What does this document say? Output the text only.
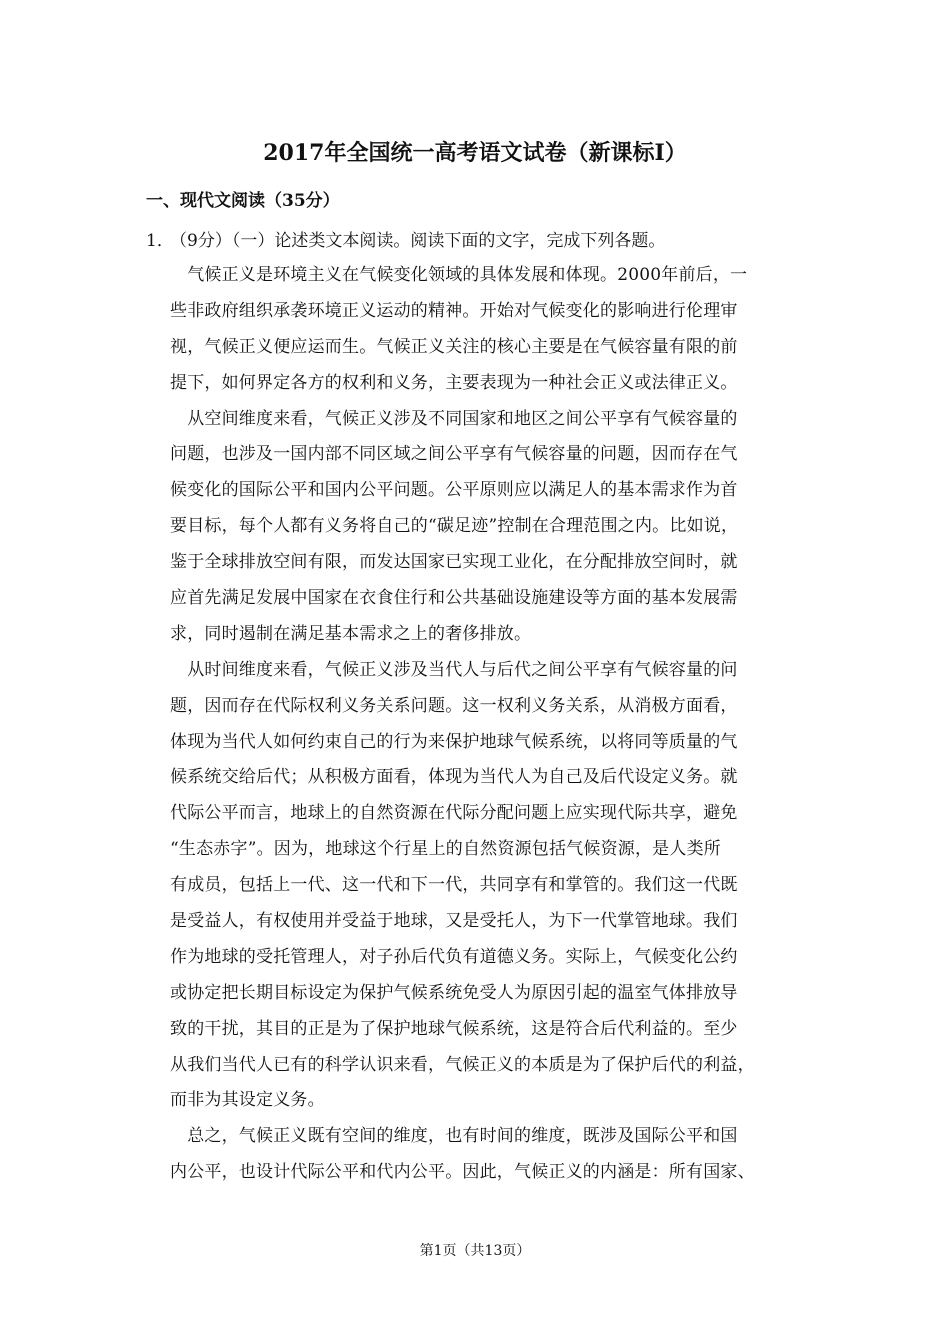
2017年全国统一高考语文试卷（新课标Ⅰ）
一、现代文阅读（35分）
1．（9分）（一）论述类文本阅读。阅读下面的文字，完成下列各题。
　气候正义是环境主义在气候变化领域的具体发展和体现。2000年前后，一
些非政府组织承袭环境正义运动的精神。开始对气候变化的影响进行伦理审
视，气候正义便应运而生。气候正义关注的核心主要是在气候容量有限的前
提下，如何界定各方的权利和义务，主要表现为一种社会正义或法律正义。
　从空间维度来看，气候正义涉及不同国家和地区之间公平享有气候容量的
问题，也涉及一国内部不同区域之间公平享有气候容量的问题，因而存在气
候变化的国际公平和国内公平问题。公平原则应以满足人的基本需求作为首
要目标，每个人都有义务将自己的“碳足迹”控制在合理范围之内。比如说，
鉴于全球排放空间有限，而发达国家已实现工业化，在分配排放空间时，就
应首先满足发展中国家在衣食住行和公共基础设施建设等方面的基本发展需
求，同时遏制在满足基本需求之上的奢侈排放。
　从时间维度来看，气候正义涉及当代人与后代之间公平享有气候容量的问
题，因而存在代际权利义务关系问题。这一权利义务关系，从消极方面看，
体现为当代人如何约束自己的行为来保护地球气候系统，以将同等质量的气
候系统交给后代；从积极方面看，体现为当代人为自己及后代设定义务。就
代际公平而言，地球上的自然资源在代际分配问题上应实现代际共享，避免
“生态赤字”。因为，地球这个行星上的自然资源包括气候资源，是人类所
有成员，包括上一代、这一代和下一代，共同享有和掌管的。我们这一代既
是受益人，有权使用并受益于地球，又是受托人，为下一代掌管地球。我们
作为地球的受托管理人，对子孙后代负有道德义务。实际上，气候变化公约
或协定把长期目标设定为保护气候系统免受人为原因引起的温室气体排放导
致的干扰，其目的正是为了保护地球气候系统，这是符合后代利益的。至少
从我们当代人已有的科学认识来看，气候正义的本质是为了保护后代的利益，
而非为其设定义务。
　总之，气候正义既有空间的维度，也有时间的维度，既涉及国际公平和国
内公平，也设计代际公平和代内公平。因此，气候正义的内涵是：所有国家、
第1页（共13页）
